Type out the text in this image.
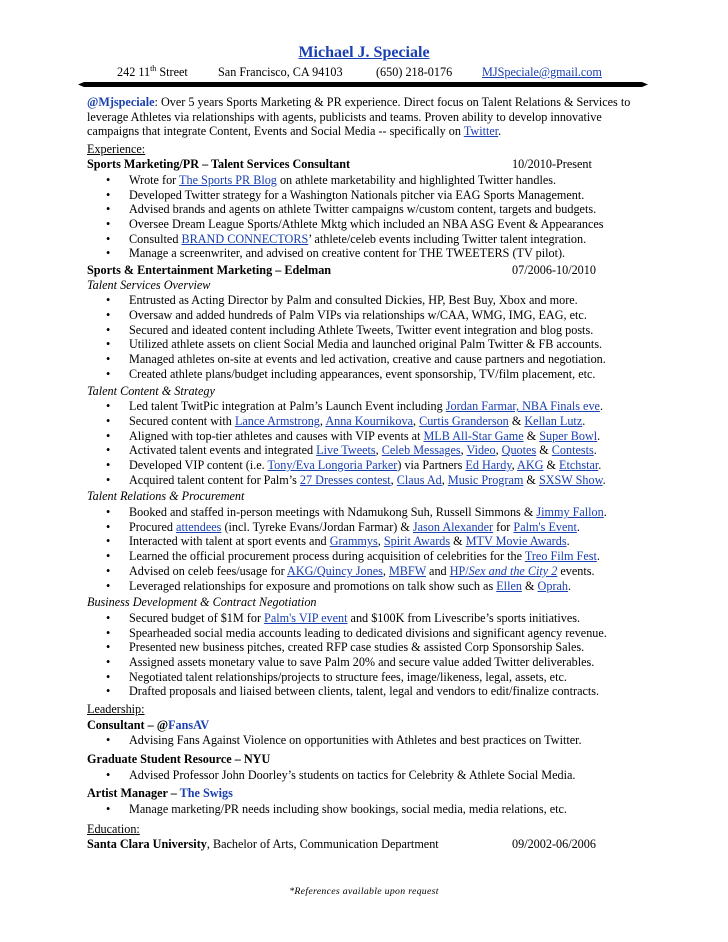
Michael J. Speciale
242 11th Street San Francisco, CA 94103	(650) 218-0176 MJSpeciale@gmail.com
@Mjspeciale: Over 5 years Sports Marketing & PR experience. Direct focus on Talent Relations & Services to leverage Athletes via relationships with agents, publicists and teams. Proven ability to develop innovative campaigns that integrate Content, Events and Social Media -- specifically on Twitter.
Experience:
Sports Marketing/PR – Talent Services Consultant	10/2010-Present
• Wrote for The Sports PR Blog on athlete marketability and highlighted Twitter handles.
• Developed Twitter strategy for a Washington Nationals pitcher via EAG Sports Management.
• Advised brands and agents on athlete Twitter campaigns w/custom content, targets and budgets.
• Oversee Dream League Sports/Athlete Mktg which included an NBA ASG Event & Appearances
• Consulted BRAND CONNECTORS’ athlete/celeb events including Twitter talent integration.
• Manage a screenwriter, and advised on creative content for THE TWEETERS (TV pilot).
Sports & Entertainment Marketing – Edelman	07/2006-10/2010
Talent Services Overview
• Entrusted as Acting Director by Palm and consulted Dickies, HP, Best Buy, Xbox and more.
• Oversaw and added hundreds of Palm VIPs via relationships w/CAA, WMG, IMG, EAG, etc.
• Secured and ideated content including Athlete Tweets, Twitter event integration and blog posts.
• Utilized athlete assets on client Social Media and launched original Palm Twitter & FB accounts.
• Managed athletes on-site at events and led activation, creative and cause partners and negotiation.
• Created athlete plans/budget including appearances, event sponsorship, TV/film placement, etc.
Talent Content & Strategy
• Led talent TwitPic integration at Palm’s Launch Event including Jordan Farmar, NBA Finals eve.
• Secured content with Lance Armstrong, Anna Kournikova, Curtis Granderson & Kellan Lutz.
• Aligned with top-tier athletes and causes with VIP events at MLB All-Star Game & Super Bowl.
• Activated talent events and integrated Live Tweets, Celeb Messages, Video, Quotes & Contests.
• Developed VIP content (i.e. Tony/Eva Longoria Parker) via Partners Ed Hardy, AKG & Etchstar.
• Acquired talent content for Palm’s 27 Dresses contest, Claus Ad, Music Program & SXSW Show.
Talent Relations & Procurement
• Booked and staffed in-person meetings with Ndamukong Suh, Russell Simmons & Jimmy Fallon.
• Procured attendees (incl. Tyreke Evans/Jordan Farmar) & Jason Alexander for Palm's Event.
• Interacted with talent at sport events and Grammys, Spirit Awards & MTV Movie Awards.
• Learned the official procurement process during acquisition of celebrities for the Treo Film Fest.
• Advised on celeb fees/usage for AKG/Quincy Jones, MBFW and HP/Sex and the City 2 events.
• Leveraged relationships for exposure and promotions on talk show such as Ellen & Oprah.
Business Development & Contract Negotiation
• Secured budget of $1M for Palm's VIP event and $100K from Livescribe’s sports initiatives.
• Spearheaded social media accounts leading to dedicated divisions and significant agency revenue.
• Presented new business pitches, created RFP case studies & assisted Corp Sponsorship Sales.
• Assigned assets monetary value to save Palm 20% and secure value added Twitter deliverables.
• Negotiated talent relationships/projects to structure fees, image/likeness, legal, assets, etc.
• Drafted proposals and liaised between clients, talent, legal and vendors to edit/finalize contracts.
Leadership:
Consultant – @FansAV
• Advising Fans Against Violence on opportunities with Athletes and best practices on Twitter.
Graduate Student Resource – NYU
• Advised Professor John Doorley’s students on tactics for Celebrity & Athlete Social Media.
Artist Manager – The Swigs
• Manage marketing/PR needs including show bookings, social media, media relations, etc.
Education:
Santa Clara University, Bachelor of Arts, Communication Department	09/2002-06/2006
*References available upon request
